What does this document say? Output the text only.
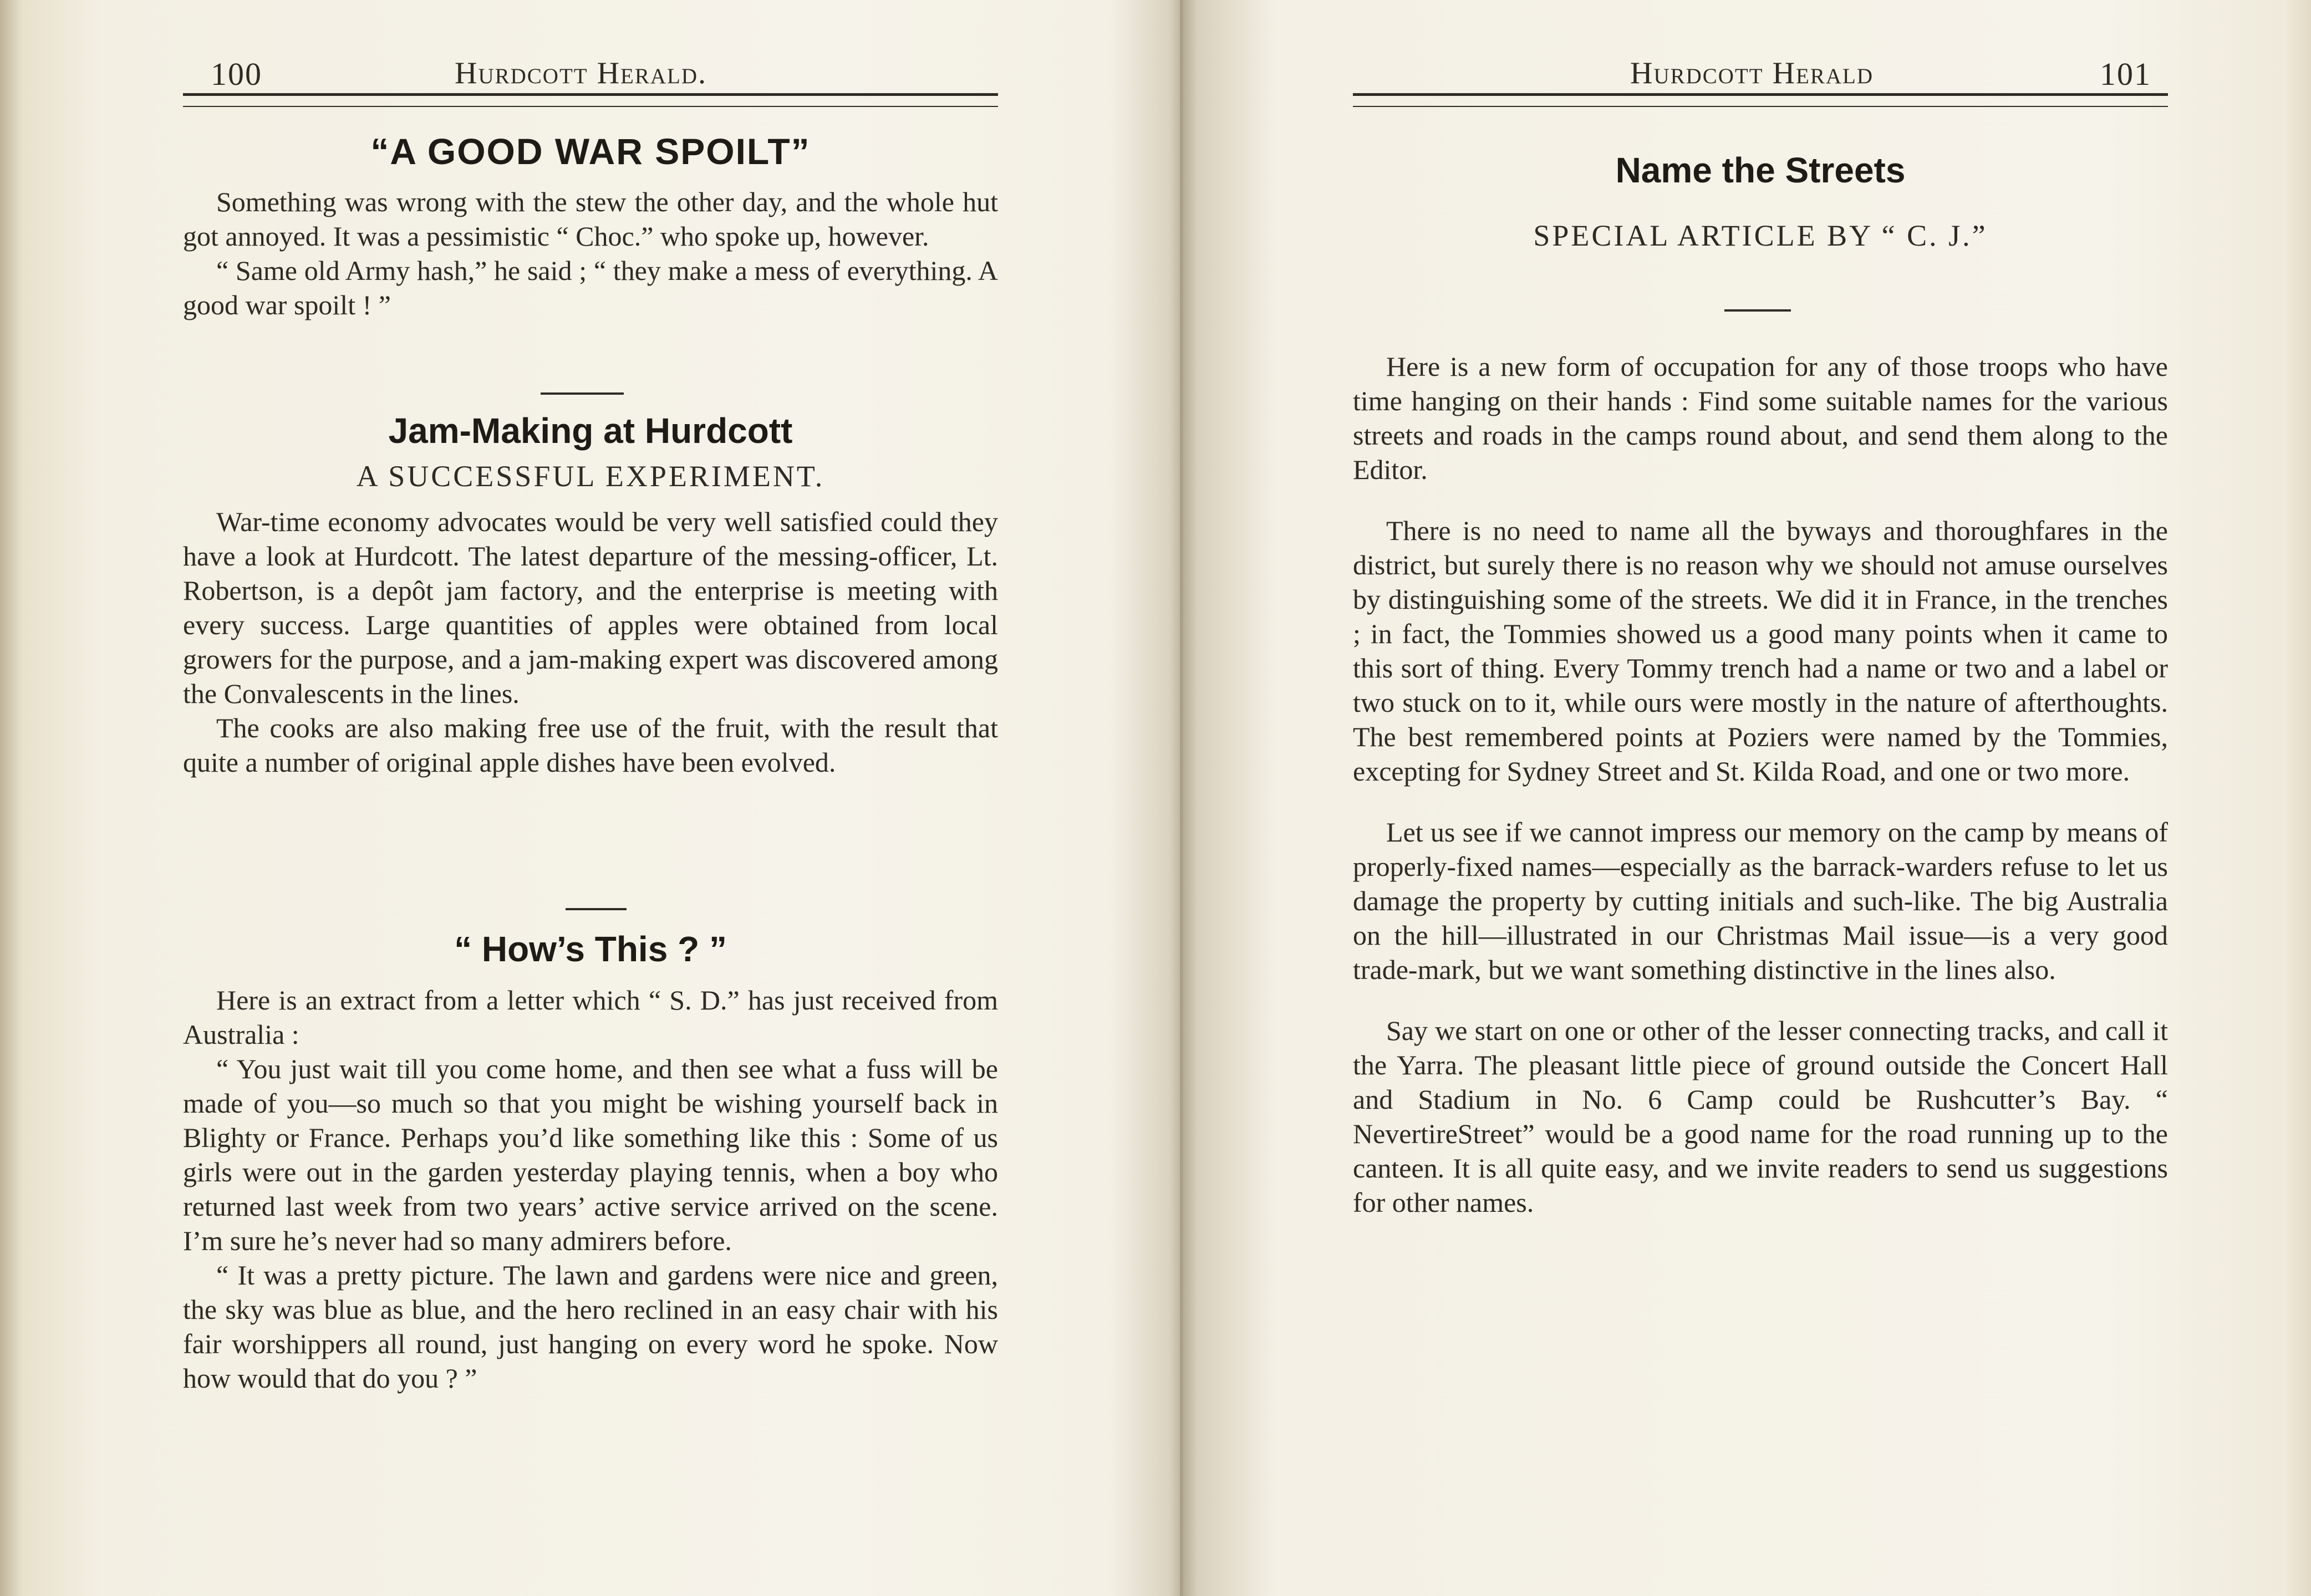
100	Hurdcott Herald.
“A GOOD WAR SPOILT”

Something was wrong with the stew the other day, and the whole hut got annoyed. It was a pessimistic “ Choc.” who spoke up, however.

“ Same old Army hash,” he said ; “ they make a mess of everything. A good war spoilt ! ”

Jam-Making at Hurdcott
A SUCCESSFUL EXPERIMENT.

War-time economy advocates would be very well satisfied could they have a look at Hurdcott. The latest departure of the messing-officer, Lt. Robertson, is a depôt jam factory, and the enterprise is meeting with every success. Large quantities of apples were obtained from local growers for the purpose, and a jam-making expert was discovered among the Convalescents in the lines.

The cooks are also making free use of the fruit, with the result that quite a number of original apple dishes have been evolved.

“ How’s This ? ”

Here is an extract from a letter which “ S. D.” has just received from Australia :

“ You just wait till you come home, and then see what a fuss will be made of you—so much so that you might be wishing yourself back in Blighty or France. Perhaps you’d like something like this : Some of us girls were out in the garden yesterday playing tennis, when a boy who returned last week from two years’ active service arrived on the scene. I’m sure he’s never had so many admirers before.

“ It was a pretty picture. The lawn and gardens were nice and green, the sky was blue as blue, and the hero reclined in an easy chair with his fair worshippers all round, just hanging on every word he spoke. Now how would that do you ? ”

Hurdcott Herald	101
Name the Streets
SPECIAL ARTICLE BY “ C. J.”

Here is a new form of occupation for any of those troops who have time hanging on their hands : Find some suitable names for the various streets and roads in the camps round about, and send them along to the Editor.

There is no need to name all the byways and thoroughfares in the district, but surely there is no reason why we should not amuse ourselves by distinguishing some of the streets. We did it in France, in the trenches ; in fact, the Tommies showed us a good many points when it came to this sort of thing. Every Tommy trench had a name or two and a label or two stuck on to it, while ours were mostly in the nature of afterthoughts. The best remembered points at Poziers were named by the Tommies, excepting for Sydney Street and St. Kilda Road, and one or two more.

Let us see if we cannot impress our memory on the camp by means of properly-fixed names—especially as the barrack-warders refuse to let us damage the property by cutting initials and such-like. The big Australia on the hill—illustrated in our Christmas Mail issue—is a very good trade-mark, but we want something distinctive in the lines also.

Say we start on one or other of the lesser connecting tracks, and call it the Yarra. The pleasant little piece of ground outside the Concert Hall and Stadium in No. 6 Camp could be Rushcutter’s Bay. “ NevertireStreet” would be a good name for the road running up to the canteen. It is all quite easy, and we invite readers to send us suggestions for other names.
